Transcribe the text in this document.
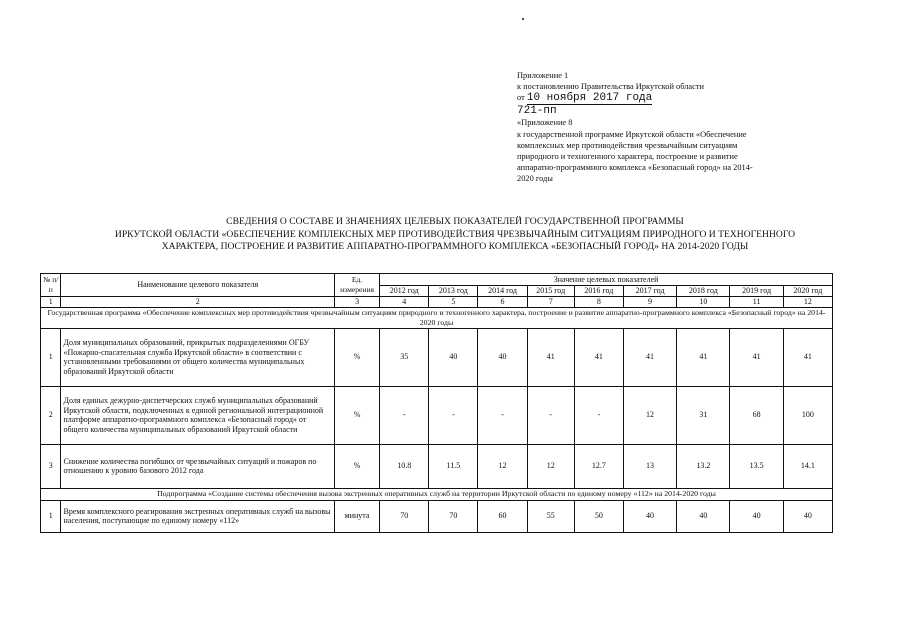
Приложение 1
к постановлению Правительства Иркутской области
от 10 ноября 2017 года
721-пп
«Приложение 8
к государственной программе Иркутской области «Обеспечение
комплексных мер противодействия чрезвычайным ситуациям
природного и техногенного характера, построение и развитие
аппаратно-программного комплекса «Безопасный город» на 2014-
2020 годы
СВЕДЕНИЯ О СОСТАВЕ И ЗНАЧЕНИЯХ ЦЕЛЕВЫХ ПОКАЗАТЕЛЕЙ ГОСУДАРСТВЕННОЙ ПРОГРАММЫ
ИРКУТСКОЙ ОБЛАСТИ «ОБЕСПЕЧЕНИЕ КОМПЛЕКСНЫХ МЕР ПРОТИВОДЕЙСТВИЯ ЧРЕЗВЫЧАЙНЫМ СИТУАЦИЯМ ПРИРОДНОГО И ТЕХНОГЕННОГО
ХАРАКТЕРА, ПОСТРОЕНИЕ И РАЗВИТИЕ АППАРАТНО-ПРОГРАММНОГО КОМПЛЕКСА «БЕЗОПАСНЫЙ ГОРОД» НА 2014-2020 ГОДЫ
№ п/п	Наименование целевого показателя	Ед. измерения	Значение целевых показателей								
			2012 год	2013 год	2014 год	2015 год	2016 год	2017 год	2018 год	2019 год	2020 год
1	2	3	4	5	6	7	8	9	10	11	12
Государственная программа «Обеспечение комплексных мер противодействия чрезвычайным ситуациям природного и техногенного характера, построение и развитие аппаратно-программного комплекса «Безопасный город» на 2014-2020 годы											
1	Доля муниципальных образований, прикрытых подразделениями ОГБУ «Пожарно-спасательная служба Иркутской области» в соответствии с установленными требованиями от общего количества муниципальных образований Иркутской области	%	35	40	40	41	41	41	41	41	41
2	Доля единых дежурно-диспетчерских служб муниципальных образований Иркутской области, подключенных к единой региональной интеграционной платформе аппаратно-программного комплекса «Безопасный город» от общего количества муниципальных образований Иркутской области	%	-	-	-	-	-	12	31	68	100
3	Снижение количества погибших от чрезвычайных ситуаций и пожаров по отношению к уровню базового 2012 года	%	10.8	11.5	12	12	12.7	13	13.2	13.5	14.1
Подпрограмма «Создание системы обеспечения вызова экстренных оперативных служб на территории Иркутской области по единому номеру «112» на 2014-2020 годы											
1	Время комплексного реагирования экстренных оперативных служб на вызовы населения, поступающие по единому номеру «112»	минута	70	70	60	55	50	40	40	40	40
